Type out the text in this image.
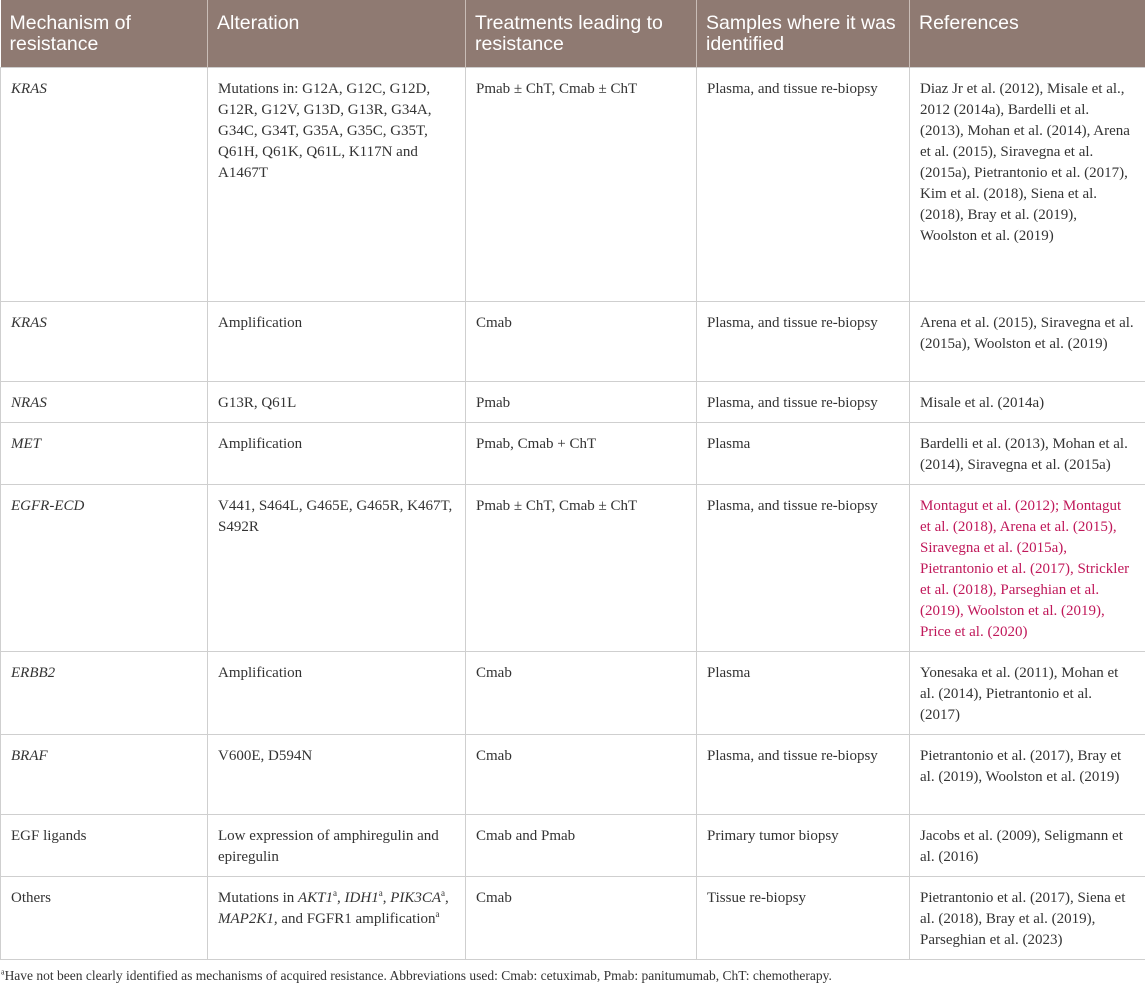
Mechanism of resistance	Alteration	Treatments leading to resistance	Samples where it was identified	References
KRAS	Mutations in: G12A, G12C, G12D, G12R, G12V, G13D, G13R, G34A, G34C, G34T, G35A, G35C, G35T, Q61H, Q61K, Q61L, K117N and A1467T	Pmab ± ChT, Cmab ± ChT	Plasma, and tissue re-biopsy	Diaz Jr et al. (2012), Misale et al., 2012 (2014a), Bardelli et al. (2013), Mohan et al. (2014), Arena et al. (2015), Siravegna et al. (2015a), Pietrantonio et al. (2017), Kim et al. (2018), Siena et al. (2018), Bray et al. (2019), Woolston et al. (2019)
KRAS	Amplification	Cmab	Plasma, and tissue re-biopsy	Arena et al. (2015), Siravegna et al. (2015a), Woolston et al. (2019)
NRAS	G13R, Q61L	Pmab	Plasma, and tissue re-biopsy	Misale et al. (2014a)
MET	Amplification	Pmab, Cmab + ChT	Plasma	Bardelli et al. (2013), Mohan et al. (2014), Siravegna et al. (2015a)
EGFR-ECD	V441, S464L, G465E, G465R, K467T, S492R	Pmab ± ChT, Cmab ± ChT	Plasma, and tissue re-biopsy	Montagut et al. (2012); Montagut et al. (2018), Arena et al. (2015), Siravegna et al. (2015a), Pietrantonio et al. (2017), Strickler et al. (2018), Parseghian et al. (2019), Woolston et al. (2019), Price et al. (2020)
ERBB2	Amplification	Cmab	Plasma	Yonesaka et al. (2011), Mohan et al. (2014), Pietrantonio et al. (2017)
BRAF	V600E, D594N	Cmab	Plasma, and tissue re-biopsy	Pietrantonio et al. (2017), Bray et al. (2019), Woolston et al. (2019)
EGF ligands	Low expression of amphiregulin and epiregulin	Cmab and Pmab	Primary tumor biopsy	Jacobs et al. (2009), Seligmann et al. (2016)
Others	Mutations in AKT1$^a$, IDH1$^a$, $PIK3CA^a$, MAP2K1, and FGFR1 amplification$^a$	Cmab	Tissue re-biopsy	Pietrantonio et al. (2017), Siena et al. (2018), Bray et al. (2019), Parseghian et al. (2023)
$^a$Have not been clearly identified as mechanisms of acquired resistance. Abbreviations used: Cmab: cetuximab, Pmab: panitumumab, ChT: chemotherapy.
